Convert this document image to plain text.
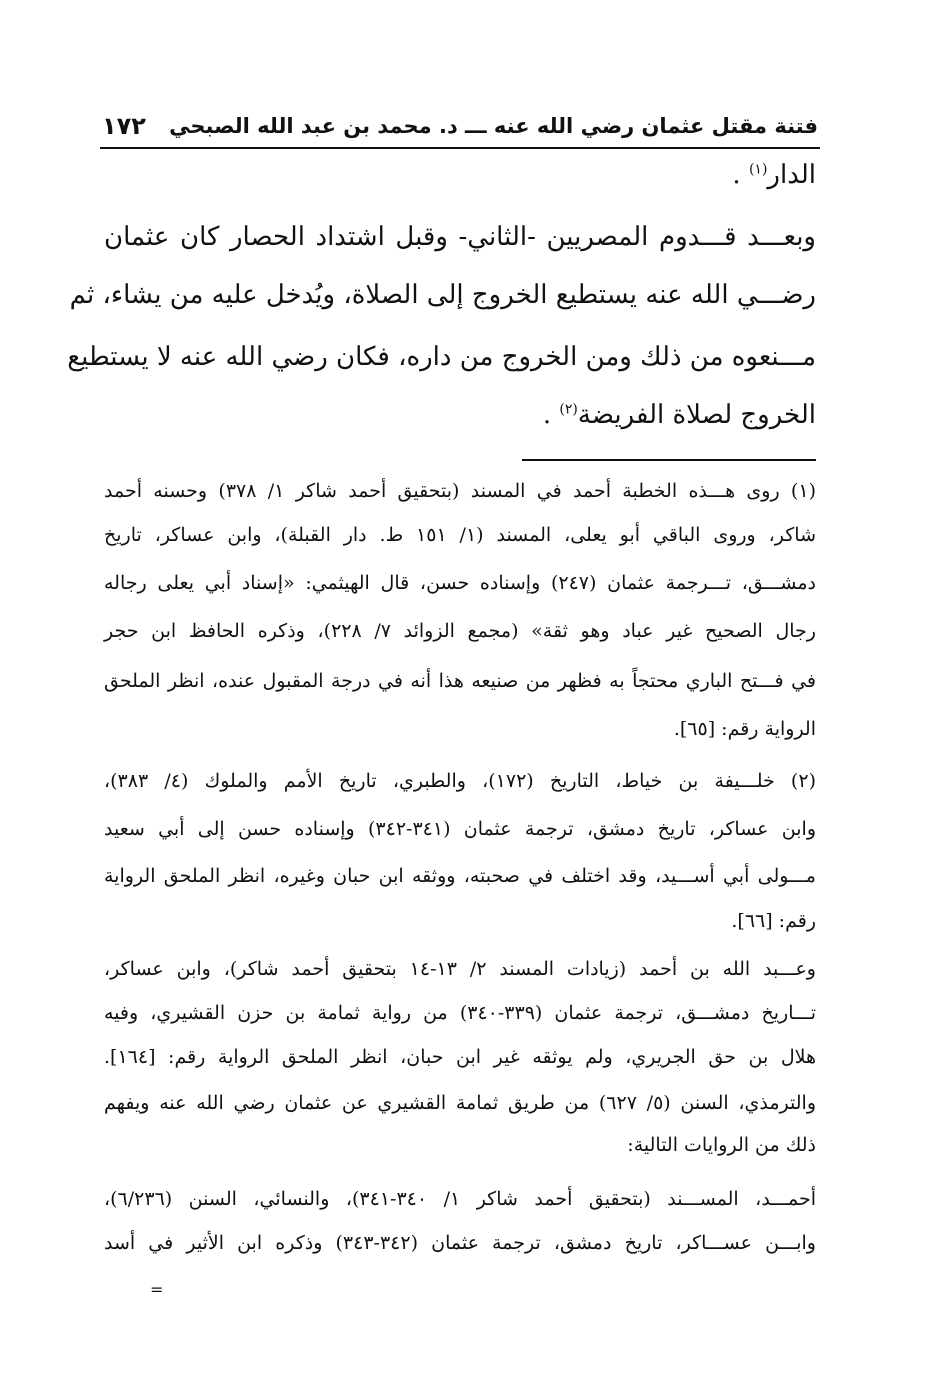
فتنة مقتل عثمان رضي الله عنه ـــ د. محمد بن عبد الله الصبحي
١٧٢
الدار$^{(١)}$ .
وبعـــد قـــدوم المصريين -الثاني- وقبل اشتداد الحصار كان عثمان
رضـــي الله عنه يستطيع الخروج إلى الصلاة، ويُدخل عليه من يشاء، ثم
مـــنعوه من ذلك ومن الخروج من داره، فكان رضي الله عنه لا يستطيع
الخروج لصلاة الفريضة$^{(٢)}$ .
(١) روى هـــذه الخطبة أحمد في المسند (بتحقيق أحمد شاكر ١/ ٣٧٨) وحسنه أحمد
شاكر، وروى الباقي أبو يعلى، المسند (١/ ١٥١ ط. دار القبلة)، وابن عساكر، تاريخ
دمشـــق، تـــرجمة عثمان (٢٤٧) وإسناده حسن، قال الهيثمي: «إسناد أبي يعلى رجاله
رجال الصحيح غير عباد وهو ثقة» (مجمع الزوائد ٧/ ٢٢٨)، وذكره الحافظ ابن حجر
في فـــتح الباري محتجاً به فظهر من صنيعه هذا أنه في درجة المقبول عنده، انظر الملحق
الرواية رقم: [٦٥].
(٢) خلـــيفة بن خياط، التاريخ (١٧٢)، والطبري، تاريخ الأمم والملوك (٤/ ٣٨٣)،
وابن عساكر، تاريخ دمشق، ترجمة عثمان (٣٤١-٣٤٢) وإسناده حسن إلى أبي سعيد
مـــولى أبي أســـيد، وقد اختلف في صحبته، ووثقه ابن حبان وغيره، انظر الملحق الرواية
رقم: [٦٦].
وعـــبد الله بن أحمد (زيادات المسند ٢/ ١٣-١٤ بتحقيق أحمد شاكر)، وابن عساكر،
تـــاريخ دمشـــق، ترجمة عثمان (٣٣٩-٣٤٠) من رواية ثمامة بن حزن القشيري، وفيه
هلال بن حق الجريري، ولم يوثقه غير ابن حبان، انظر الملحق الرواية رقم: [١٦٤].
والترمذي، السنن (٥/ ٦٢٧) من طريق ثمامة القشيري عن عثمان رضي الله عنه ويفهم
ذلك من الروايات التالية:
أحمـــد، المســـند (بتحقيق أحمد شاكر ١/ ٣٤٠-٣٤١)، والنسائي، السنن (٦/٢٣٦)،
وابـــن عســـاكر، تاريخ دمشق، ترجمة عثمان (٣٤٢-٣٤٣) وذكره ابن الأثير في أسد
=
